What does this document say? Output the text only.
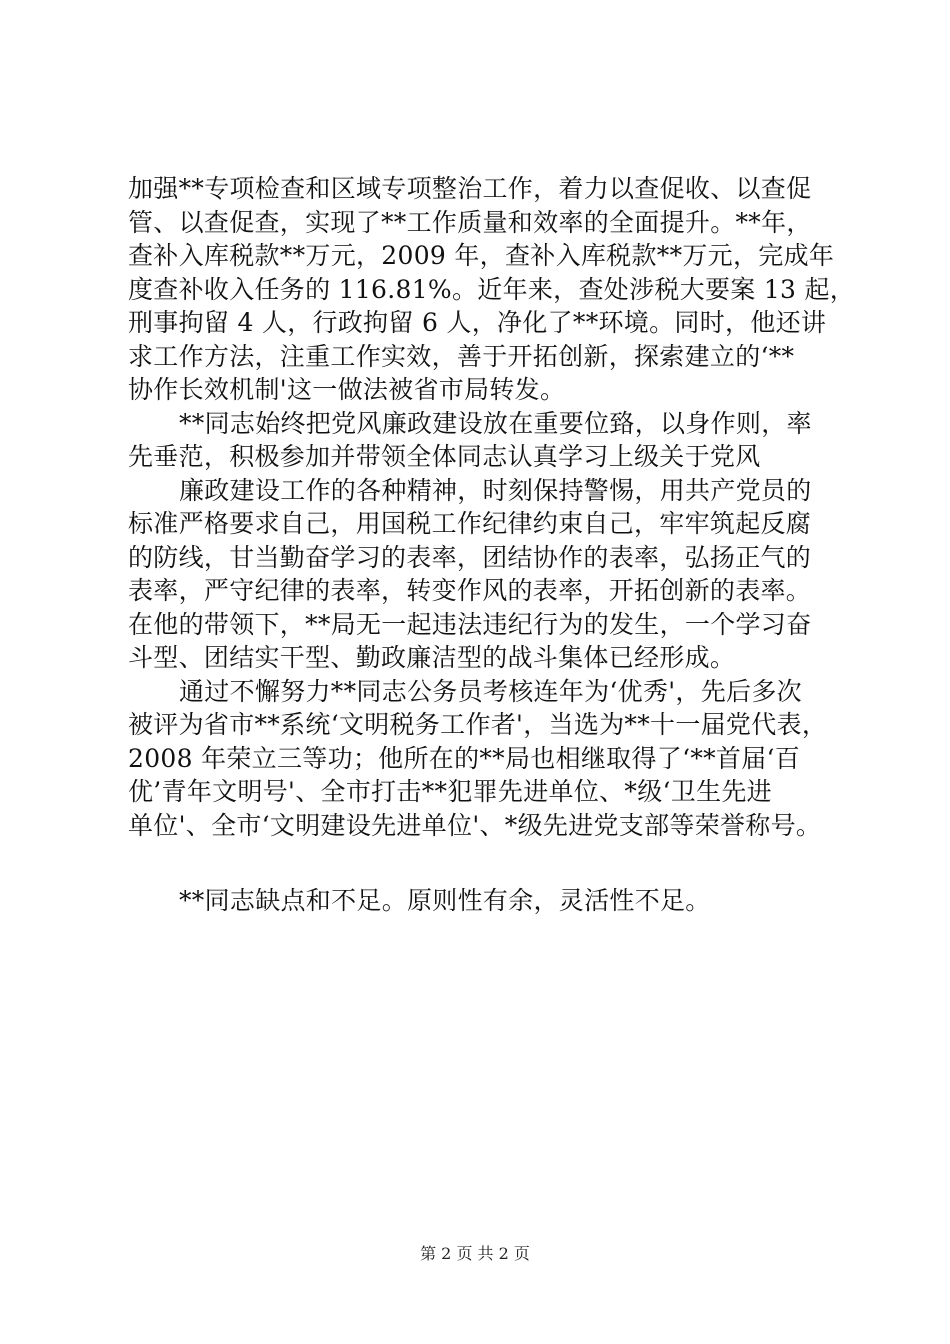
加强**专项检查和区域专项整治工作，着力以查促收、以查促
管、以查促查，实现了**工作质量和效率的全面提升。**年，
查补入库税款**万元，2009 年，查补入库税款**万元，完成年
度查补收入任务的 116.81%。近年来，查处涉税大要案 13 起，
刑事拘留 4 人，行政拘留 6 人，净化了**环境。同时，他还讲
求工作方法，注重工作实效，善于开拓创新，探索建立的‘**
协作长效机制'这一做法被省市局转发。
**同志始终把党风廉政建设放在重要位臵，以身作则，率
先垂范，积极参加并带领全体同志认真学习上级关于党风
廉政建设工作的各种精神，时刻保持警惕，用共产党员的
标准严格要求自己，用国税工作纪律约束自己，牢牢筑起反腐
的防线，甘当勤奋学习的表率，团结协作的表率，弘扬正气的
表率，严守纪律的表率，转变作风的表率，开拓创新的表率。
在他的带领下，**局无一起违法违纪行为的发生，一个学习奋
斗型、团结实干型、勤政廉洁型的战斗集体已经形成。
通过不懈努力**同志公务员考核连年为‘优秀'，先后多次
被评为省市**系统‘文明税务工作者'，当选为**十一届党代表，
2008 年荣立三等功；他所在的**局也相继取得了‘**首届‘百
优’青年文明号'、全市打击**犯罪先进单位、*级‘卫生先进
单位'、全市‘文明建设先进单位'、*级先进党支部等荣誉称号。
**同志缺点和不足。原则性有余，灵活性不足。
第 2 页 共 2 页
